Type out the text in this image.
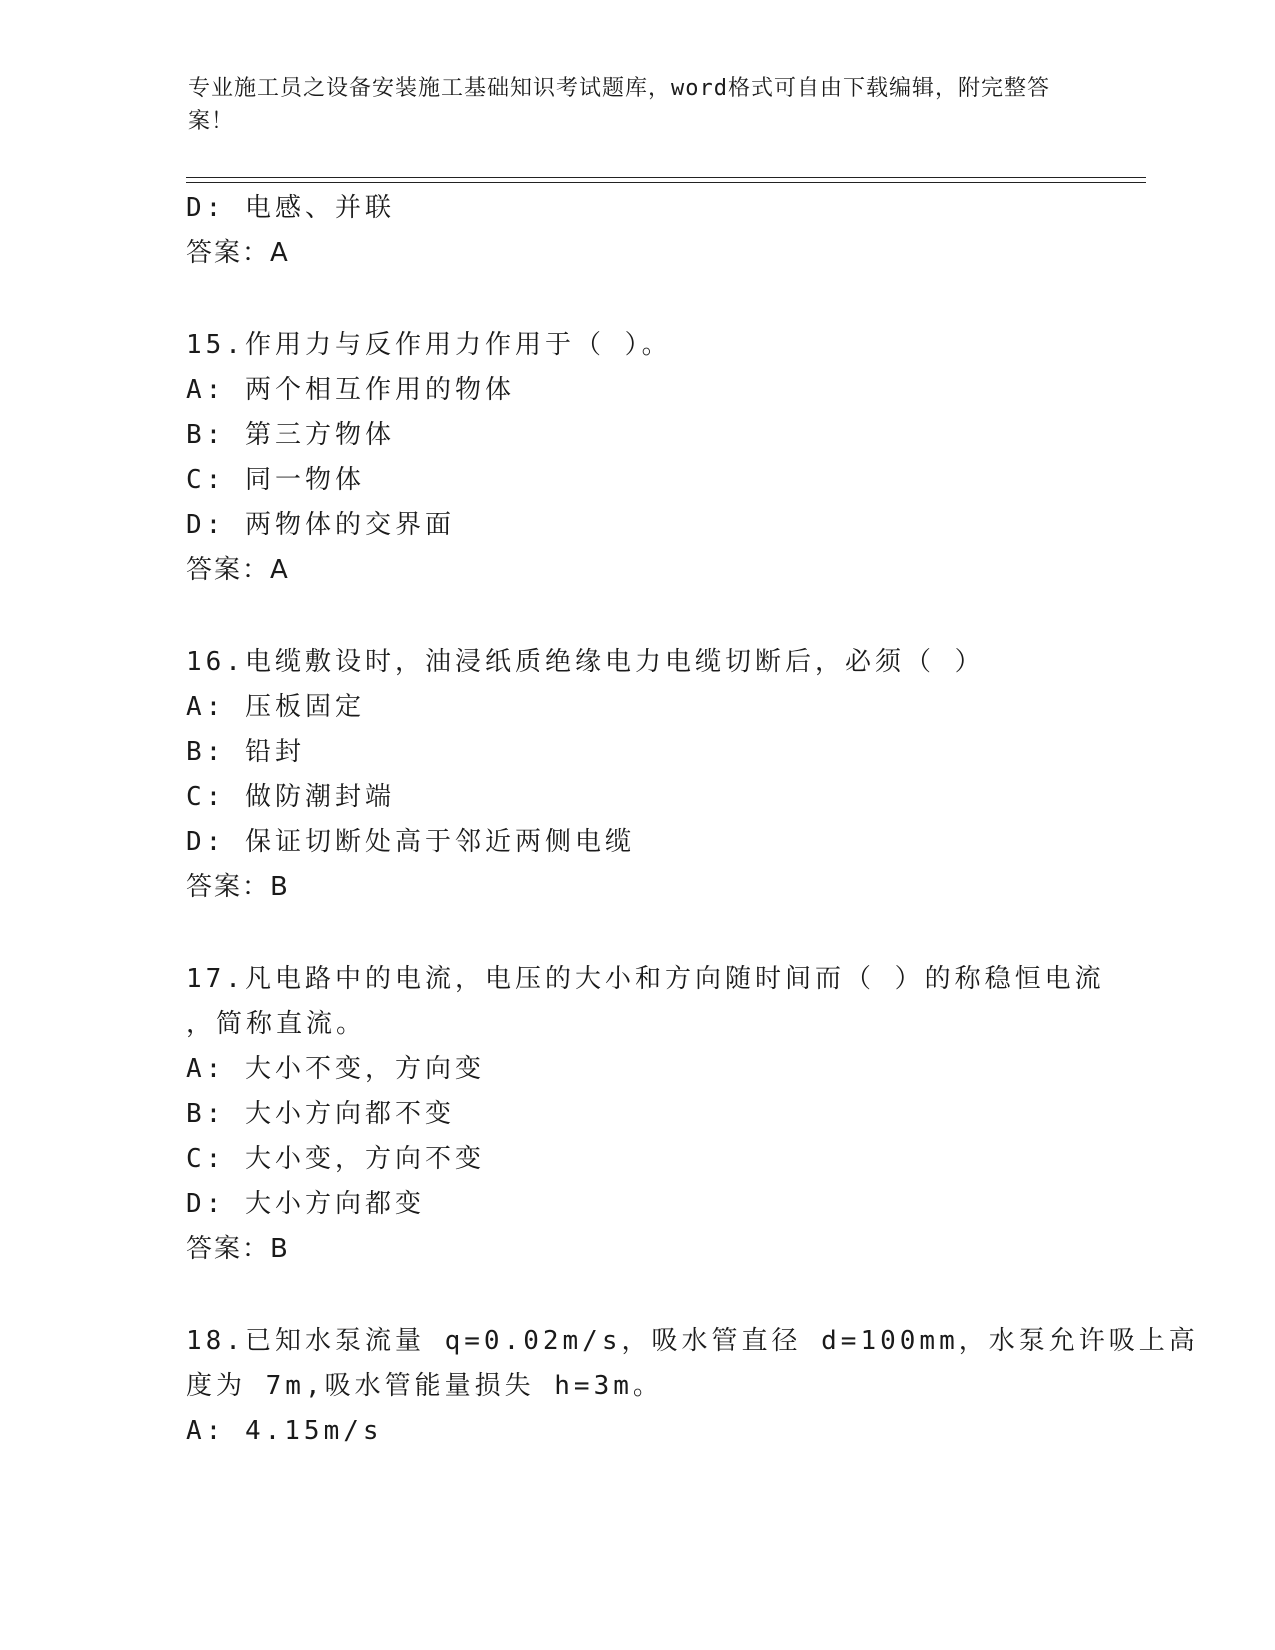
专业施工员之设备安装施工基础知识考试题库，word格式可自由下载编辑，附完整答案！
D: 电感、并联
答案：A
15.作用力与反作用力作用于（ ）。
A: 两个相互作用的物体
B: 第三方物体
C: 同一物体
D: 两物体的交界面
答案：A
16.电缆敷设时，油浸纸质绝缘电力电缆切断后，必须（ ）
A: 压板固定
B: 铅封
C: 做防潮封端
D: 保证切断处高于邻近两侧电缆
答案：B
17.凡电路中的电流，电压的大小和方向随时间而（ ）的称稳恒电流
，简称直流。
A: 大小不变，方向变
B: 大小方向都不变
C: 大小变，方向不变
D: 大小方向都变
答案：B
18.已知水泵流量 q=0.02m/s，吸水管直径 d=100mm，水泵允许吸上高
度为 7m,吸水管能量损失 h=3m。
A: 4.15m/s
